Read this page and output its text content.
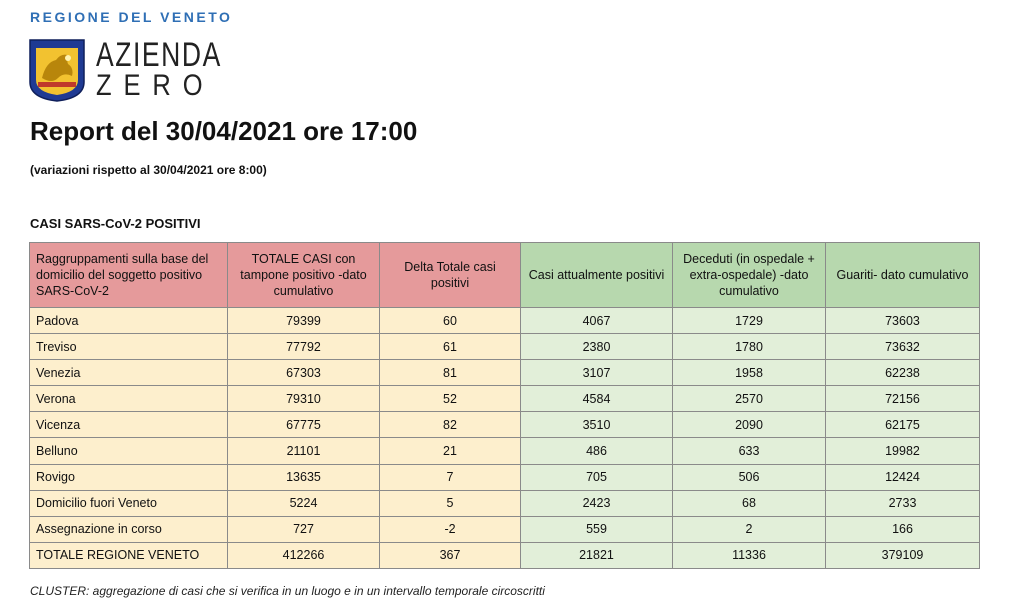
REGIONE DEL VENETO
AZIENDA
ZERO
Report del 30/04/2021 ore 17:00
(variazioni rispetto al 30/04/2021 ore 8:00)
CASI SARS-CoV-2 POSITIVI
Raggruppamenti sulla base del domicilio del soggetto positivo SARS-CoV-2	TOTALE CASI con tampone positivo -dato cumulativo	Delta Totale casi positivi	Casi attualmente positivi	Deceduti (in ospedale + extra-ospedale) -dato cumulativo	Guariti- dato cumulativo
Padova	79399	60	4067	1729	73603
Treviso	77792	61	2380	1780	73632
Venezia	67303	81	3107	1958	62238
Verona	79310	52	4584	2570	72156
Vicenza	67775	82	3510	2090	62175
Belluno	21101	21	486	633	19982
Rovigo	13635	7	705	506	12424
Domicilio fuori Veneto	5224	5	2423	68	2733
Assegnazione in corso	727	-2	559	2	166
TOTALE REGIONE VENETO	412266	367	21821	11336	379109
CLUSTER: aggregazione di casi che si verifica in un luogo e in un intervallo temporale circoscritti
